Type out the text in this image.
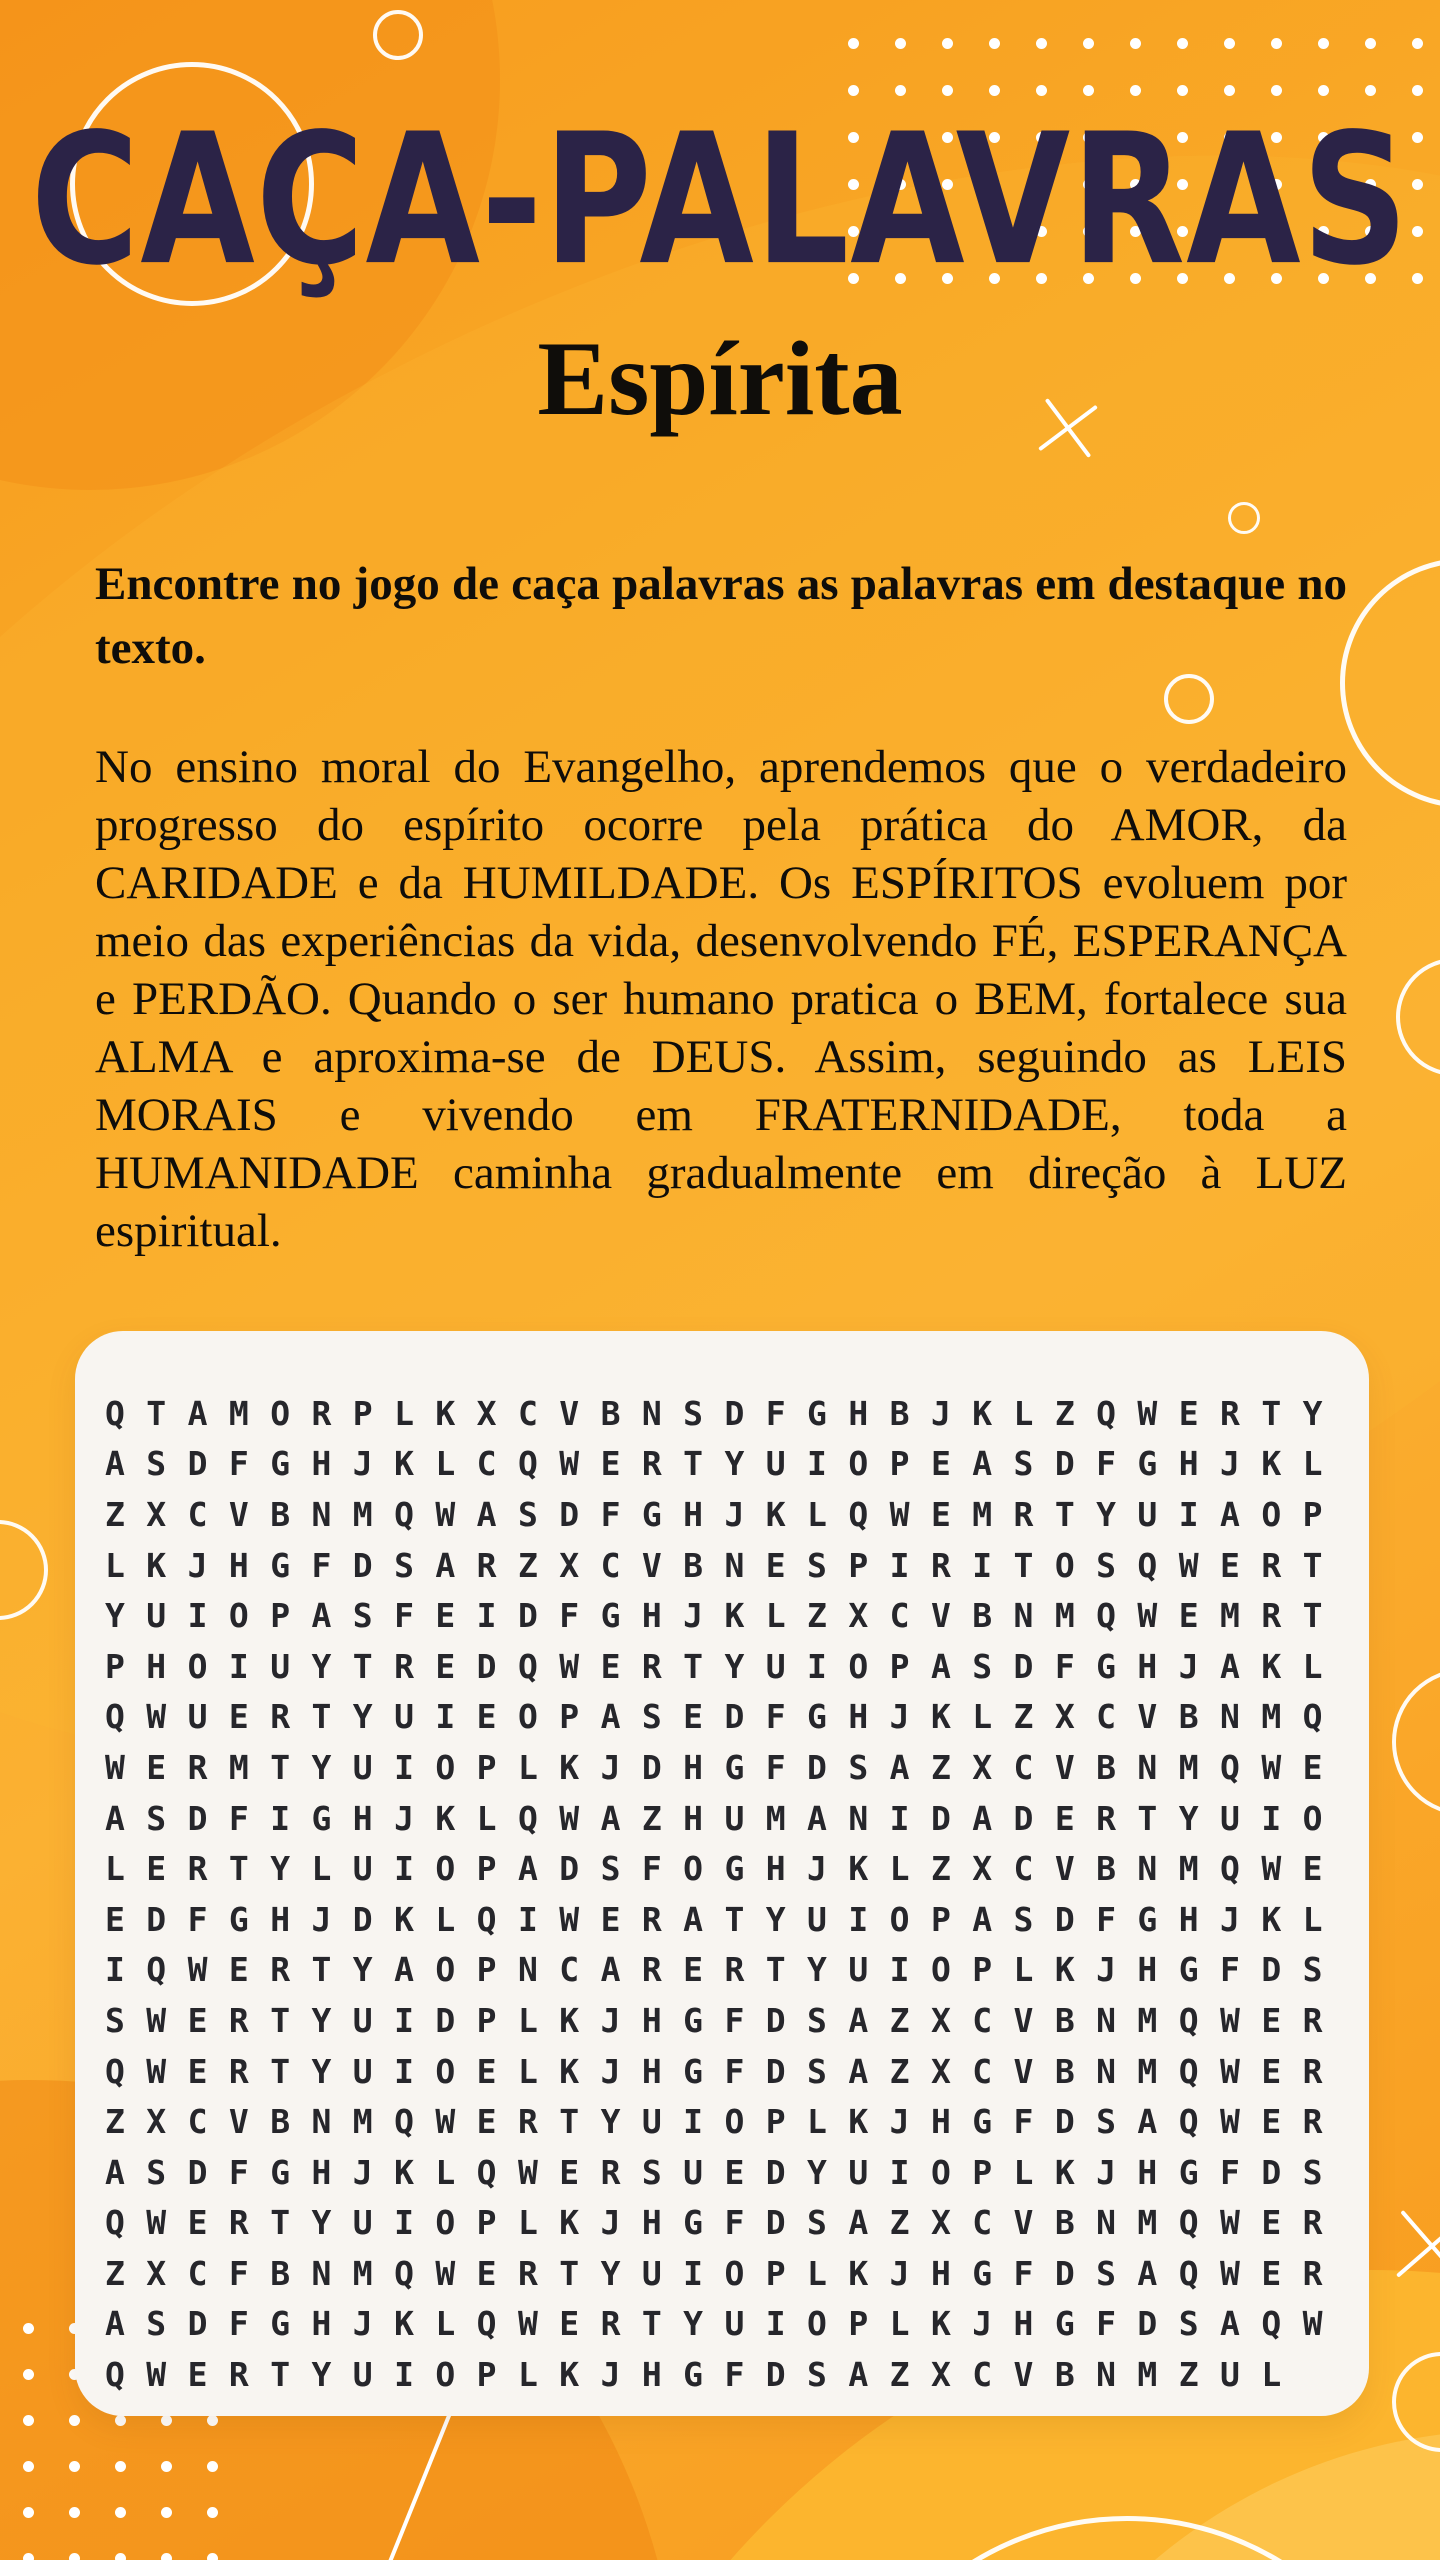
CAÇA-PALAVRAS
Espírita
Encontre no jogo de caça palavras as palavras em destaque no texto.
No ensino moral do Evangelho, aprendemos que o verdadeiro progresso do espírito ocorre pela prática do AMOR, da CARIDADE e da HUMILDADE. Os ESPÍRITOS evoluem por meio das experiências da vida, desenvolvendo FÉ, ESPERANÇA e PERDÃO. Quando o ser humano pratica o BEM, fortalece sua ALMA e aproxima-se de DEUS. Assim, seguindo as LEIS MORAIS e vivendo em FRATERNIDADE, toda a HUMANIDADE caminha gradualmente em direção à LUZ espiritual.
Q T A M O R P L K X C V B N S D F G H B J K L Z Q W E R T Y
A S D F G H J K L C Q W E R T Y U I O P E A S D F G H J K L
Z X C V B N M Q W A S D F G H J K L Q W E M R T Y U I A O P
L K J H G F D S A R Z X C V B N E S P I R I T O S Q W E R T
Y U I O P A S F E I D F G H J K L Z X C V B N M Q W E M R T
P H O I U Y T R E D Q W E R T Y U I O P A S D F G H J A K L
Q W U E R T Y U I E O P A S E D F G H J K L Z X C V B N M Q
W E R M T Y U I O P L K J D H G F D S A Z X C V B N M Q W E
A S D F I G H J K L Q W A Z H U M A N I D A D E R T Y U I O
L E R T Y L U I O P A D S F O G H J K L Z X C V B N M Q W E
E D F G H J D K L Q I W E R A T Y U I O P A S D F G H J K L
I Q W E R T Y A O P N C A R E R T Y U I O P L K J H G F D S
S W E R T Y U I D P L K J H G F D S A Z X C V B N M Q W E R
Q W E R T Y U I O E L K J H G F D S A Z X C V B N M Q W E R
Z X C V B N M Q W E R T Y U I O P L K J H G F D S A Q W E R
A S D F G H J K L Q W E R S U E D Y U I O P L K J H G F D S
Q W E R T Y U I O P L K J H G F D S A Z X C V B N M Q W E R
Z X C F B N M Q W E R T Y U I O P L K J H G F D S A Q W E R
A S D F G H J K L Q W E R T Y U I O P L K J H G F D S A Q W
Q W E R T Y U I O P L K J H G F D S A Z X C V B N M Z U L
